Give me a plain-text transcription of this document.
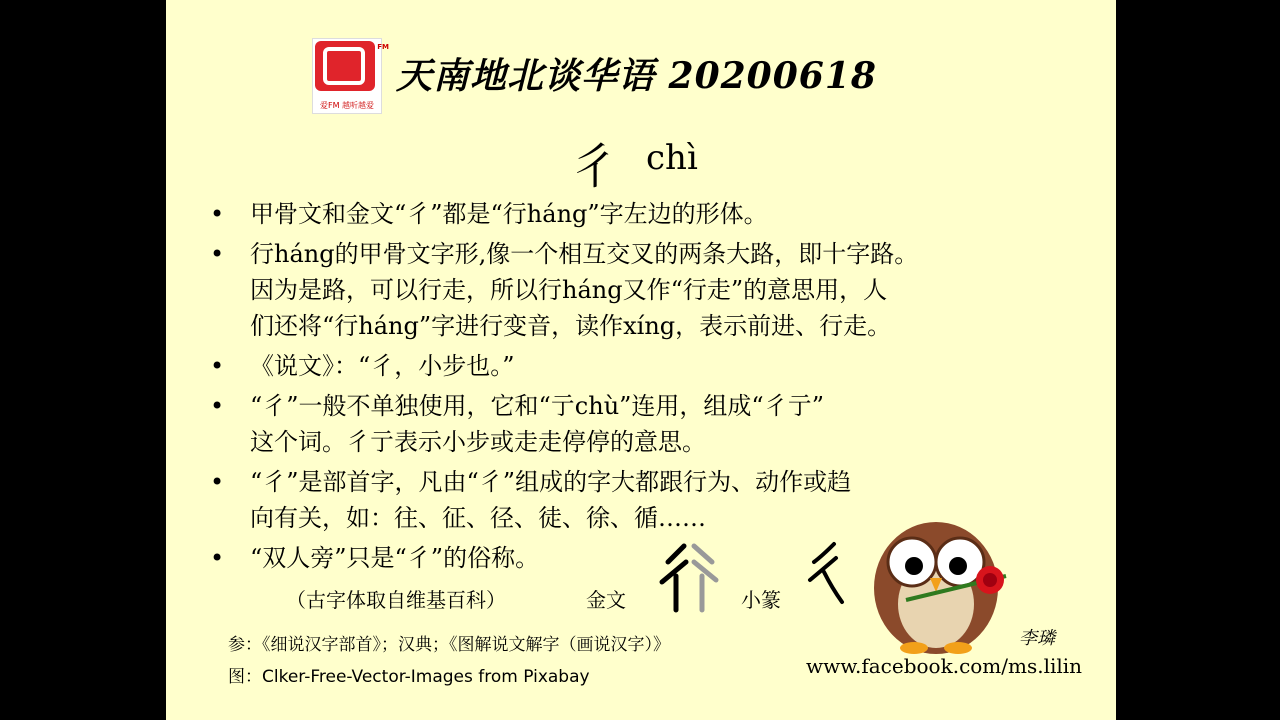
FM
爱FM 越听越爱
天南地北谈华语 20200618
彳 chì
• 甲骨文和金文“彳”都是“行háng”字左边的形体。
• 行háng的甲骨文字形,像一个相互交叉的两条大路，即十字路。
因为是路，可以行走，所以行háng又作“行走”的意思用，人
们还将“行háng”字进行变音，读作xíng，表示前进、行走。
• 《说文》：“彳，小步也。”
• “彳”一般不单独使用，它和“亍chù”连用，组成“彳亍”
这个词。彳亍表示小步或走走停停的意思。
• “彳”是部首字，凡由“彳”组成的字大都跟行为、动作或趋
向有关，如：往、征、径、徒、徐、循……
• “双人旁”只是“彳”的俗称。
（古字体取自维基百科）	金文	小篆
参：《细说汉字部首》；汉典；《图解说文解字（画说汉字）》
图：Clker-Free-Vector-Images from Pixabay
李璘
www.facebook.com/ms.lilin
